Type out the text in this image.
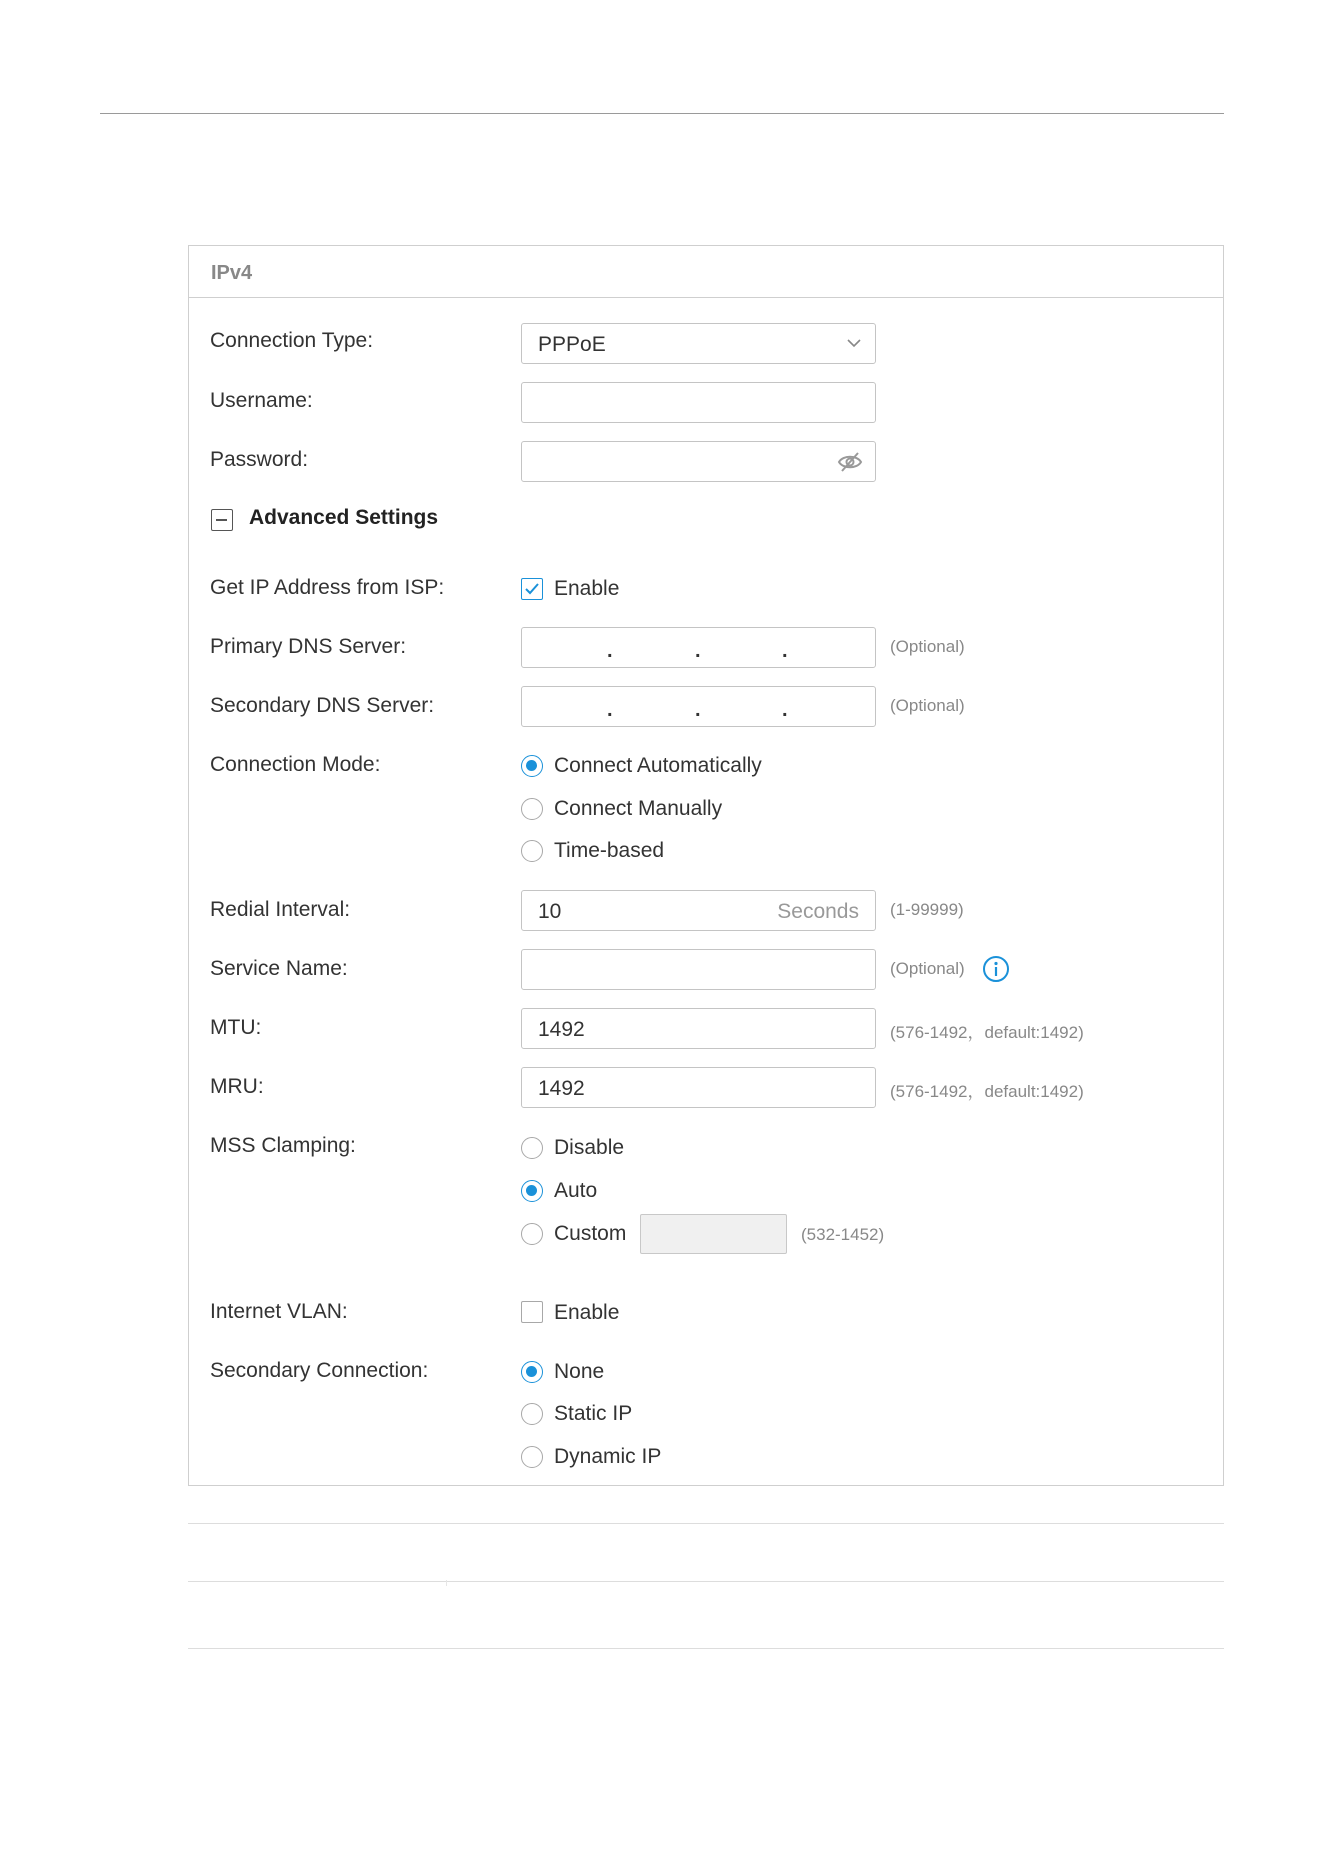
IPv4
Connection Type:	PPPoE
Username:
Password:
Advanced Settings
Get IP Address from ISP:	Enable
Primary DNS Server:	.	.	.	(Optional)
Secondary DNS Server:	.	.	.	(Optional)
Connection Mode:	Connect Automatically
Connect Manually
Time-based
Redial Interval:	10	Seconds (1-99999)
Service Name:	(Optional)
MTU:	1492	(576-1492，default:1492)
MRU:	1492	(576-1492，default:1492)
MSS Clamping:	Disable
Auto
Custom	(532-1452)
Internet VLAN:	Enable
Secondary Connection:	None
Static IP
Dynamic IP
